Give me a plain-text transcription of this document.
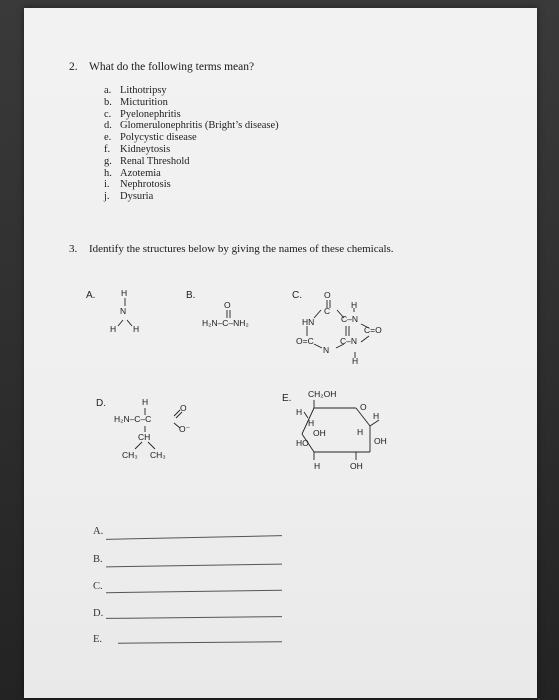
2. What do the following terms mean?
a. Lithotripsy
b. Micturition
c. Pyelonephritis
d. Glomerulonephritis (Bright’s disease)
e. Polycystic disease
f. Kidneytosis
g. Renal Threshold
h. Azotemia
i. Nephrotosis
j. Dysuria
3. Identify the structures below by giving the names of these chemicals.
A.	H
N
H H
B.
O
H₂N–C–NH₂
C.	O
C
H
HN	C–N
C=O
O=C	C–N
N
H
D.	H
H₂N–C–C
O
O⁻
CH
CH₃ CH₃
E. CH₂OH
O
H	H
H
OH
HO
H
OH
H	OH
A.
B.
C.
D.
E.
